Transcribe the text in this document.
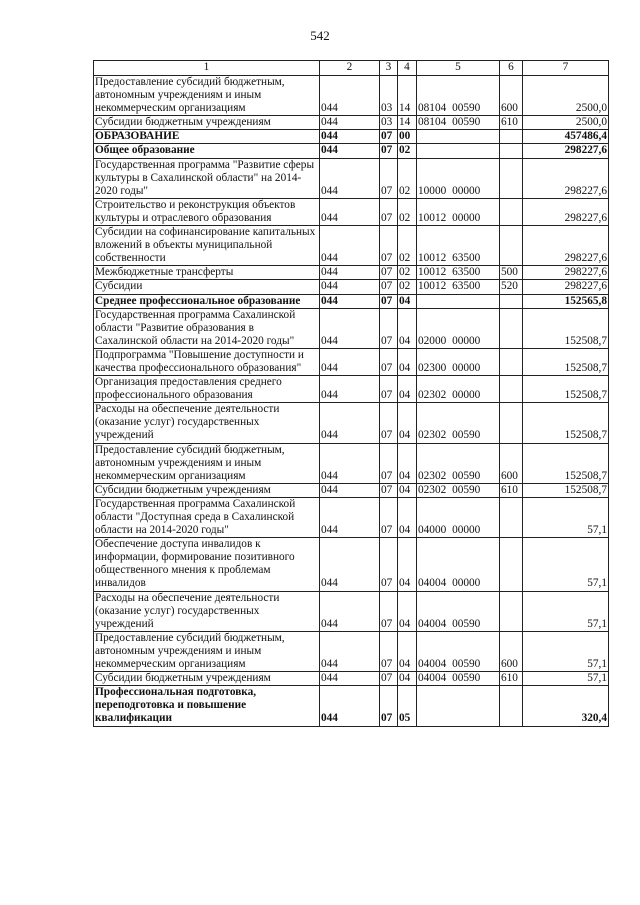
542
1	2	3	4	5	6	7
Предоставление субсидий бюджетным, автономным учреждениям и иным некоммерческим организациям	044	03	14	08104 00590	600	2500,0
Субсидии бюджетным учреждениям	044	03	14	08104 00590	610	2500,0
ОБРАЗОВАНИЕ	044	07	00			457486,4
Общее образование	044	07	02			298227,6
Государственная программа "Развитие сферы культуры в Сахалинской области" на 2014-2020 годы"	044	07	02	10000 00000		298227,6
Строительство и реконструкция объектов культуры и отраслевого образования	044	07	02	10012 00000		298227,6
Субсидии на софинансирование капитальных вложений в объекты муниципальной собственности	044	07	02	10012 63500		298227,6
Межбюджетные трансферты	044	07	02	10012 63500	500	298227,6
Субсидии	044	07	02	10012 63500	520	298227,6
Среднее профессиональное образование	044	07	04			152565,8
Государственная программа Сахалинской области "Развитие образования в Сахалинской области на 2014-2020 годы"	044	07	04	02000 00000		152508,7
Подпрограмма "Повышение доступности и качества профессионального образования"	044	07	04	02300 00000		152508,7
Организация предоставления среднего профессионального образования	044	07	04	02302 00000		152508,7
Расходы на обеспечение деятельности (оказание услуг) государственных учреждений	044	07	04	02302 00590		152508,7
Предоставление субсидий бюджетным, автономным учреждениям и иным некоммерческим организациям	044	07	04	02302 00590	600	152508,7
Субсидии бюджетным учреждениям	044	07	04	02302 00590	610	152508,7
Государственная программа Сахалинской области "Доступная среда в Сахалинской области на 2014-2020 годы"	044	07	04	04000 00000		57,1
Обеспечение доступа инвалидов к информации, формирование позитивного общественного мнения к проблемам инвалидов	044	07	04	04004 00000		57,1
Расходы на обеспечение деятельности (оказание услуг) государственных учреждений	044	07	04	04004 00590		57,1
Предоставление субсидий бюджетным, автономным учреждениям и иным некоммерческим организациям	044	07	04	04004 00590	600	57,1
Субсидии бюджетным учреждениям	044	07	04	04004 00590	610	57,1
Профессиональная подготовка, переподготовка и повышение квалификации	044	07	05			320,4
